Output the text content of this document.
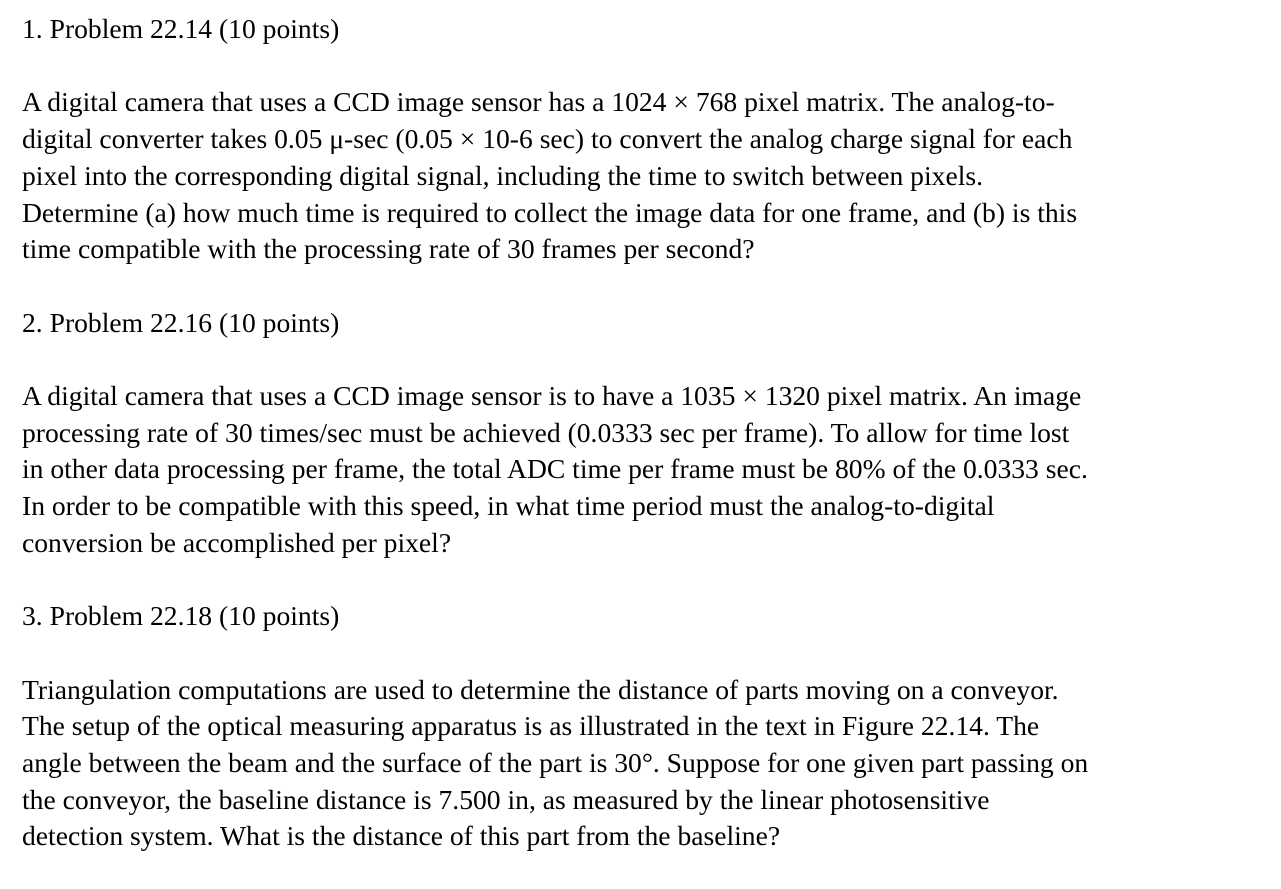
1. Problem 22.14 (10 points)

A digital camera that uses a CCD image sensor has a 1024 × 768 pixel matrix. The analog-to-
digital converter takes 0.05 μ-sec (0.05 × 10-6 sec) to convert the analog charge signal for each
pixel into the corresponding digital signal, including the time to switch between pixels.
Determine (a) how much time is required to collect the image data for one frame, and (b) is this
time compatible with the processing rate of 30 frames per second?

2. Problem 22.16 (10 points)

A digital camera that uses a CCD image sensor is to have a 1035 × 1320 pixel matrix. An image
processing rate of 30 times/sec must be achieved (0.0333 sec per frame). To allow for time lost
in other data processing per frame, the total ADC time per frame must be 80% of the 0.0333 sec.
In order to be compatible with this speed, in what time period must the analog-to-digital
conversion be accomplished per pixel?

3. Problem 22.18 (10 points)

Triangulation computations are used to determine the distance of parts moving on a conveyor.
The setup of the optical measuring apparatus is as illustrated in the text in Figure 22.14. The
angle between the beam and the surface of the part is 30°. Suppose for one given part passing on
the conveyor, the baseline distance is 7.500 in, as measured by the linear photosensitive
detection system. What is the distance of this part from the baseline?
